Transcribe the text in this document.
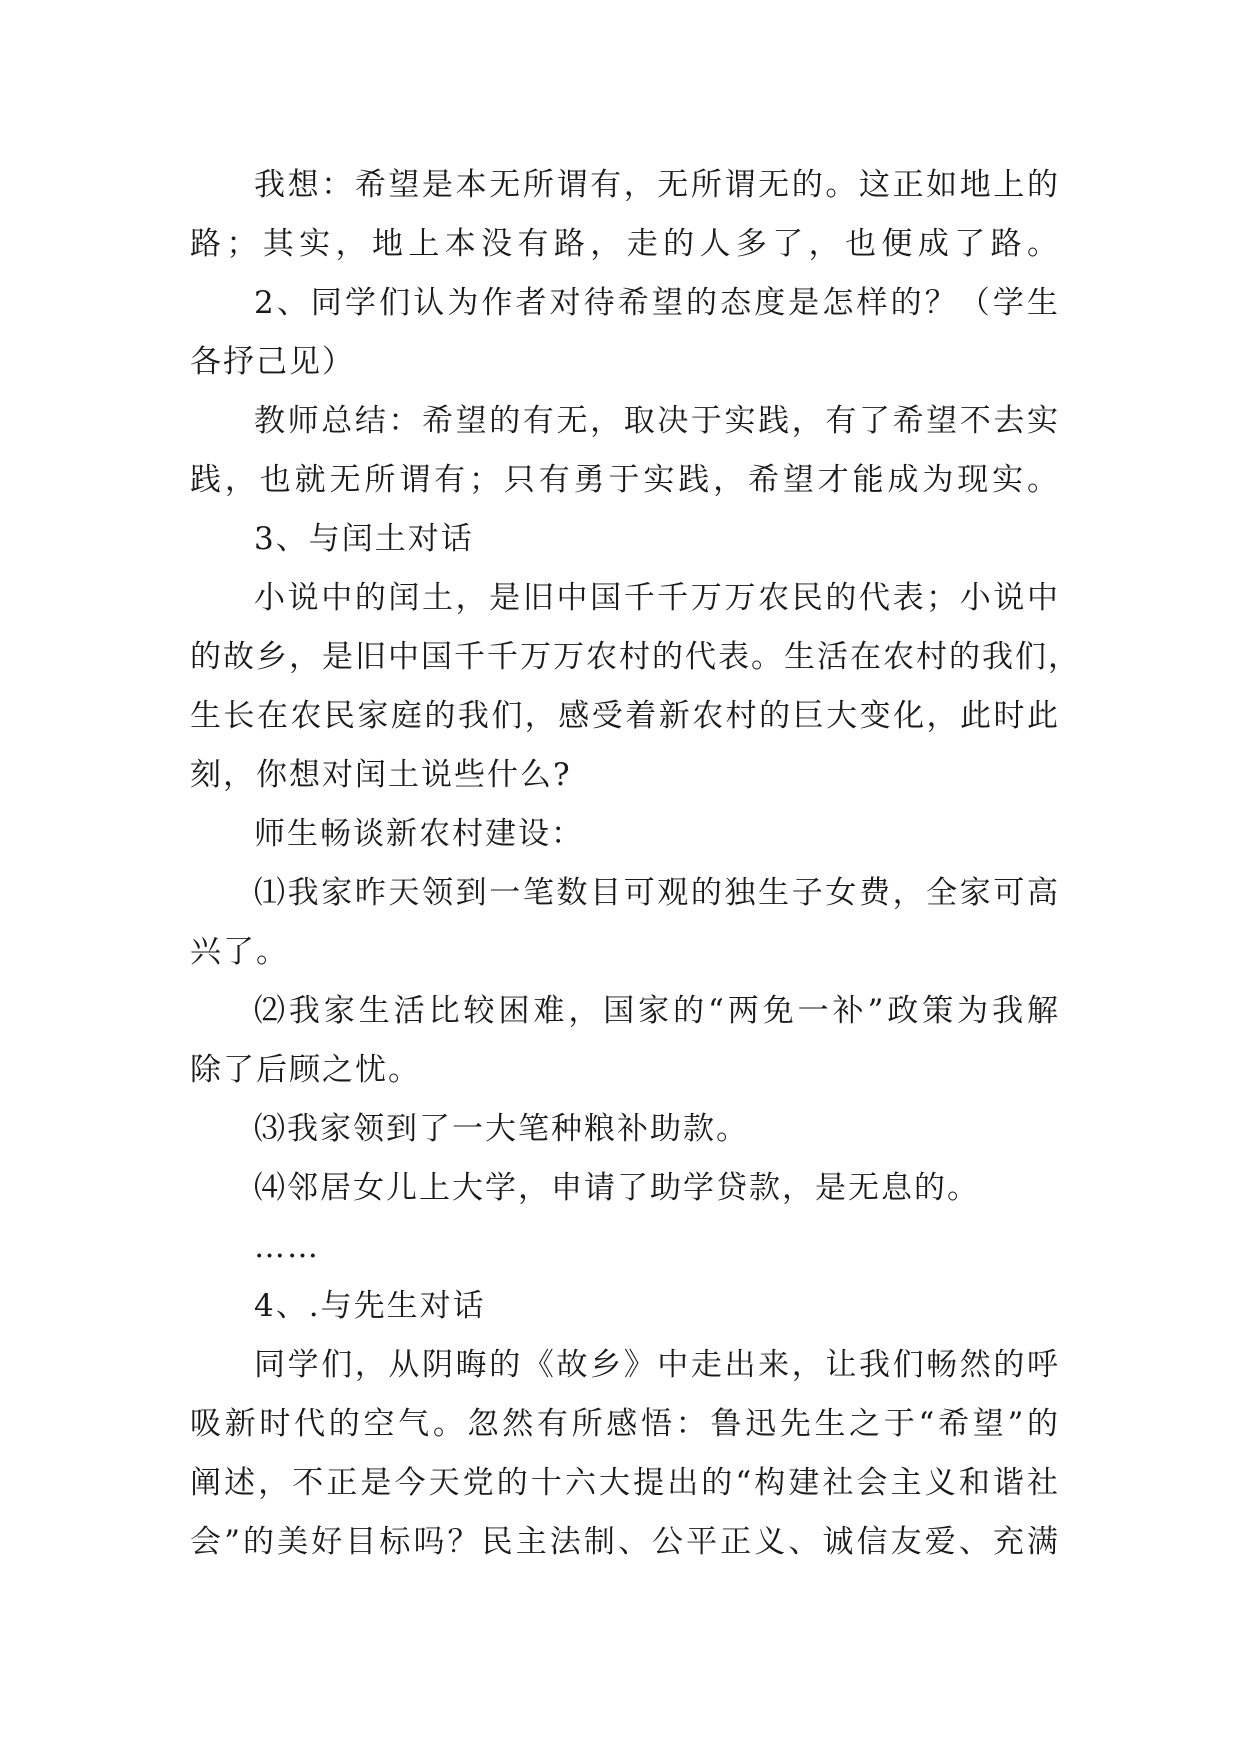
我想：希望是本无所谓有，无所谓无的。这正如地上的
路；其实，地上本没有路，走的人多了，也便成了路。
2、同学们认为作者对待希望的态度是怎样的？（学生
各抒己见）
教师总结：希望的有无，取决于实践，有了希望不去实
践，也就无所谓有；只有勇于实践，希望才能成为现实。
3、与闰土对话
小说中的闰土，是旧中国千千万万农民的代表；小说中
的故乡，是旧中国千千万万农村的代表。生活在农村的我们，
生长在农民家庭的我们，感受着新农村的巨大变化，此时此
刻，你想对闰土说些什么?
师生畅谈新农村建设：
⑴我家昨天领到一笔数目可观的独生子女费，全家可高
兴了。
⑵我家生活比较困难，国家的“两免一补”政策为我解
除了后顾之忧。
⑶我家领到了一大笔种粮补助款。
⑷邻居女儿上大学，申请了助学贷款，是无息的。
……
4、.与先生对话
同学们，从阴晦的《故乡》中走出来，让我们畅然的呼
吸新时代的空气。忽然有所感悟：鲁迅先生之于“希望”的
阐述，不正是今天党的十六大提出的“构建社会主义和谐社
会”的美好目标吗？民主法制、公平正义、诚信友爱、充满
